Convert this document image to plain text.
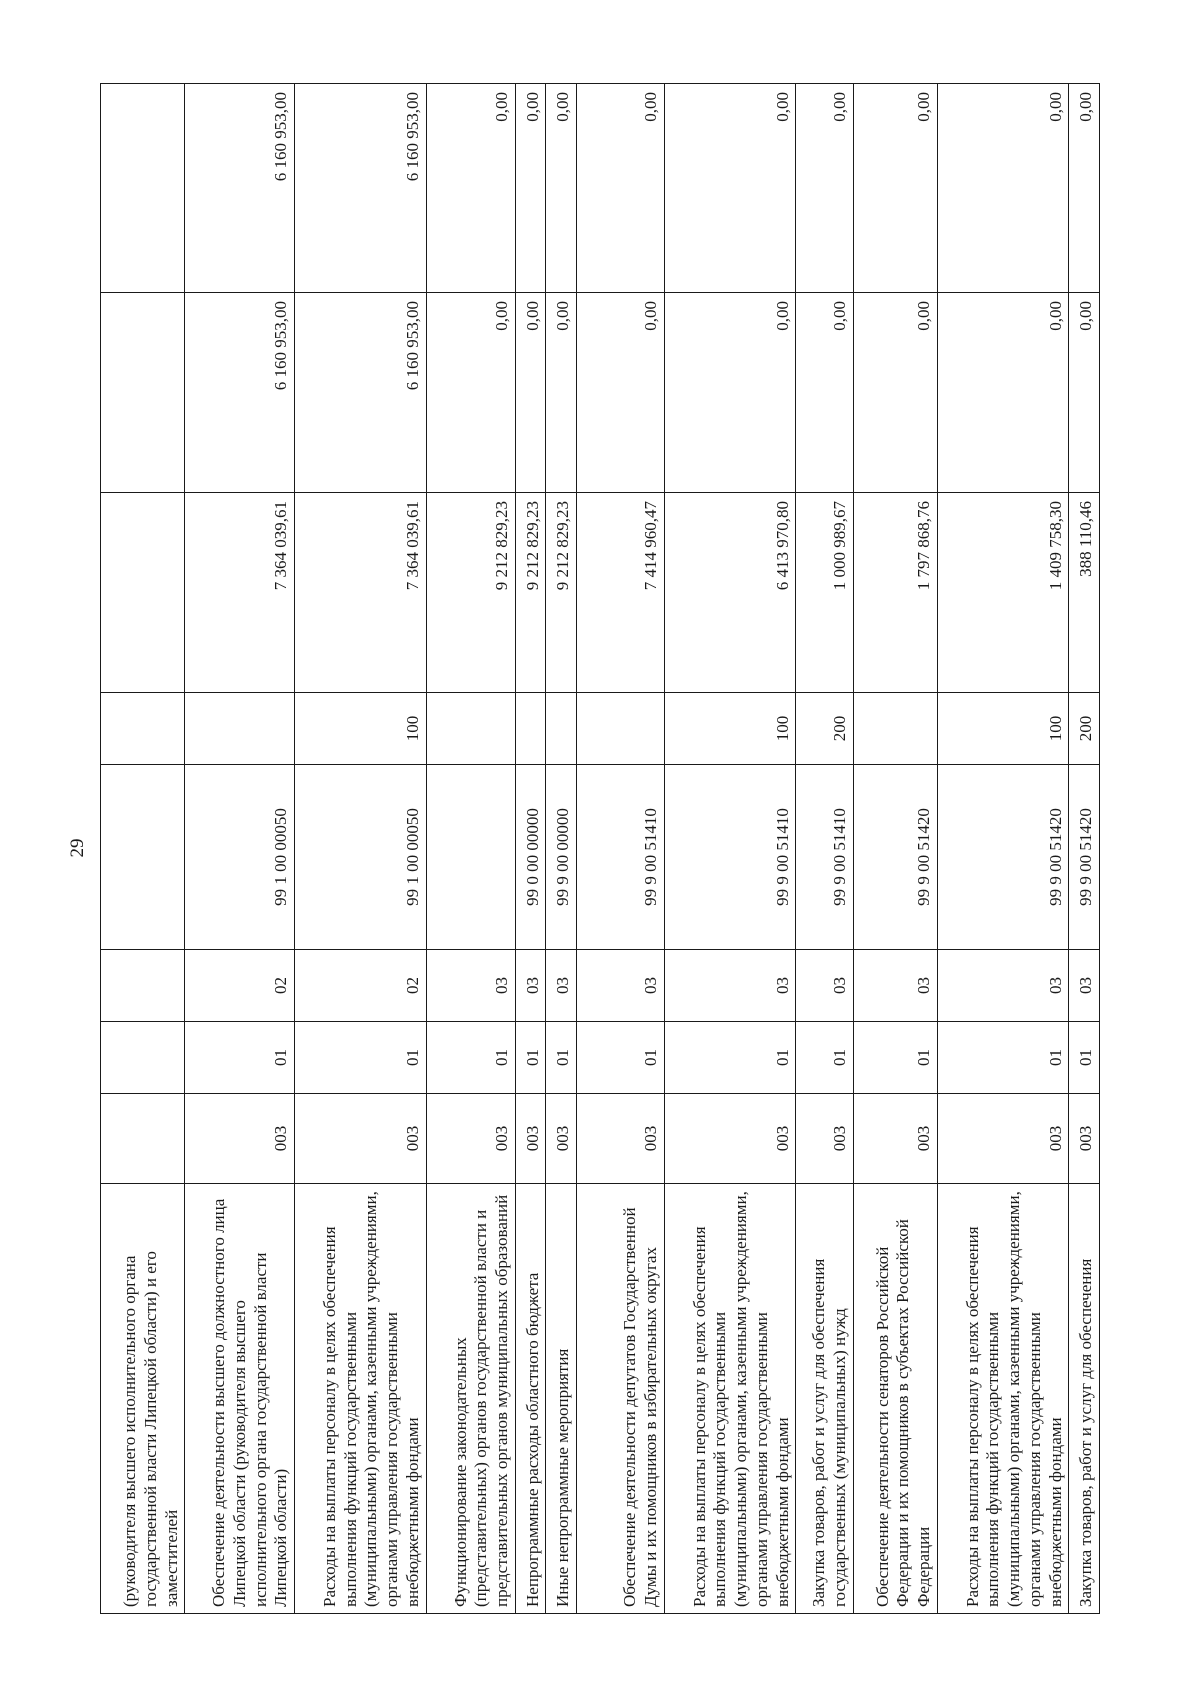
29
(руководителя высшего исполнительного органа государственной власти Липецкой области) и его заместителей								
Обеспечение деятельности высшего должностного лица Липецкой области (руководителя высшего исполнительного органа государственной власти Липецкой области)	003	01	02	99 1 00 00050		7 364 039,61	6 160 953,00	6 160 953,00
Расходы на выплаты персоналу в целях обеспечения выполнения функций государственными (муниципальными) органами, казенными учреждениями, органами управления государственными внебюджетными фондами	003	01	02	99 1 00 00050	100	7 364 039,61	6 160 953,00	6 160 953,00
Функционирование законодательных (представительных) органов государственной власти и представительных органов муниципальных образований	003	01	03			9 212 829,23	0,00	0,00
Непрограммные расходы областного бюджета	003	01	03	99 0 00 00000		9 212 829,23	0,00	0,00
Иные непрограммные мероприятия	003	01	03	99 9 00 00000		9 212 829,23	0,00	0,00
Обеспечение деятельности депутатов Государственной Думы и их помощников в избирательных округах	003	01	03	99 9 00 51410		7 414 960,47	0,00	0,00
Расходы на выплаты персоналу в целях обеспечения выполнения функций государственными (муниципальными) органами, казенными учреждениями, органами управления государственными внебюджетными фондами	003	01	03	99 9 00 51410	100	6 413 970,80	0,00	0,00
Закупка товаров, работ и услуг для обеспечения государственных (муниципальных) нужд	003	01	03	99 9 00 51410	200	1 000 989,67	0,00	0,00
Обеспечение деятельности сенаторов Российской Федерации и их помощников в субъектах Российской Федерации	003	01	03	99 9 00 51420		1 797 868,76	0,00	0,00
Расходы на выплаты персоналу в целях обеспечения выполнения функций государственными (муниципальными) органами, казенными учреждениями, органами управления государственными внебюджетными фондами	003	01	03	99 9 00 51420	100	1 409 758,30	0,00	0,00
Закупка товаров, работ и услуг для обеспечения	003	01	03	99 9 00 51420	200	388 110,46	0,00	0,00
